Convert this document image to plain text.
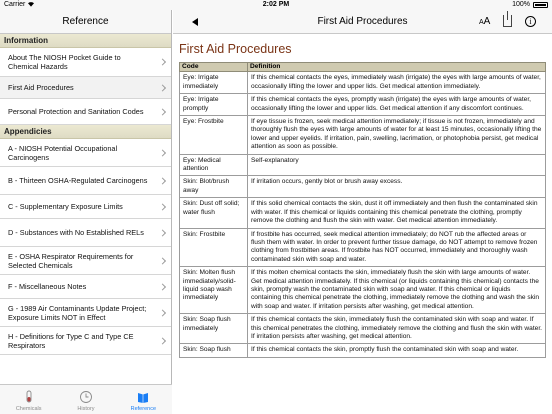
Carrier	2:02 PM	100%
Reference
Information
About The NIOSH Pocket Guide to Chemical Hazards
First Aid Procedures
Personal Protection and Sanitation Codes
Appendicies
A - NIOSH Potential Occupational Carcinogens
B - Thirteen OSHA-Regulated Carcinogens
C - Supplementary Exposure Limits
D - Substances with No Established RELs
E - OSHA Respirator Requirements for Selected Chemicals
F - Miscellaneous Notes
G - 1989 Air Contaminants Update Project; Exposure Limits NOT in Effect
H - Definitions for Type C and Type CE Respirators
Chemicals	History	Reference
First Aid Procedures	AA	i
First Aid Procedures
Code	Definition
Eye: Irrigate immediately	If this chemical contacts the eyes, immediately wash (irrigate) the eyes with large amounts of water, occasionally lifting the lower and upper lids. Get medical attention immediately.
Eye: Irrigate promptly	If this chemical contacts the eyes, promptly wash (irrigate) the eyes with large amounts of water, occasionally lifting the lower and upper lids. Get medical attention if any discomfort continues.
Eye: Frostbite	If eye tissue is frozen, seek medical attention immediately; if tissue is not frozen, immediately and thoroughly flush the eyes with large amounts of water for at least 15 minutes, occasionally lifting the lower and upper eyelids. If irritation, pain, swelling, lacrimation, or photophobia persist, get medical attention as soon as possible.
Eye: Medical attention	Self-explanatory
Skin: Blot/brush away	If irritation occurs, gently blot or brush away excess.
Skin: Dust off solid; water flush	If this solid chemical contacts the skin, dust it off immediately and then flush the contaminated skin with water. If this chemical or liquids containing this chemical penetrate the clothing, promptly remove the clothing and flush the skin with water. Get medical attention immediately.
Skin: Frostbite	If frostbite has occurred, seek medical attention immediately; do NOT rub the affected areas or flush them with water. In order to prevent further tissue damage, do NOT attempt to remove frozen clothing from frostbitten areas. If frostbite has NOT occurred, immediately and thoroughly wash contaminated skin with soap and water.
Skin: Molten flush immediately/solid-liquid soap wash immediately	If this molten chemical contacts the skin, immediately flush the skin with large amounts of water. Get medical attention immediately. If this chemical (or liquids containing this chemical) contacts the skin, promptly wash the contaminated skin with soap and water. If this chemical or liquids containing this chemical penetrate the clothing, immediately remove the clothing and wash the skin with soap and water. If irritation persists after washing, get medical attention.
Skin: Soap flush immediately	If this chemical contacts the skin, immediately flush the contaminated skin with soap and water. If this chemical penetrates the clothing, immediately remove the clothing and flush the skin with water. If irritation persists after washing, get medical attention.
Skin: Soap flush	If this chemical contacts the skin, promptly flush the contaminated skin with soap and water.
